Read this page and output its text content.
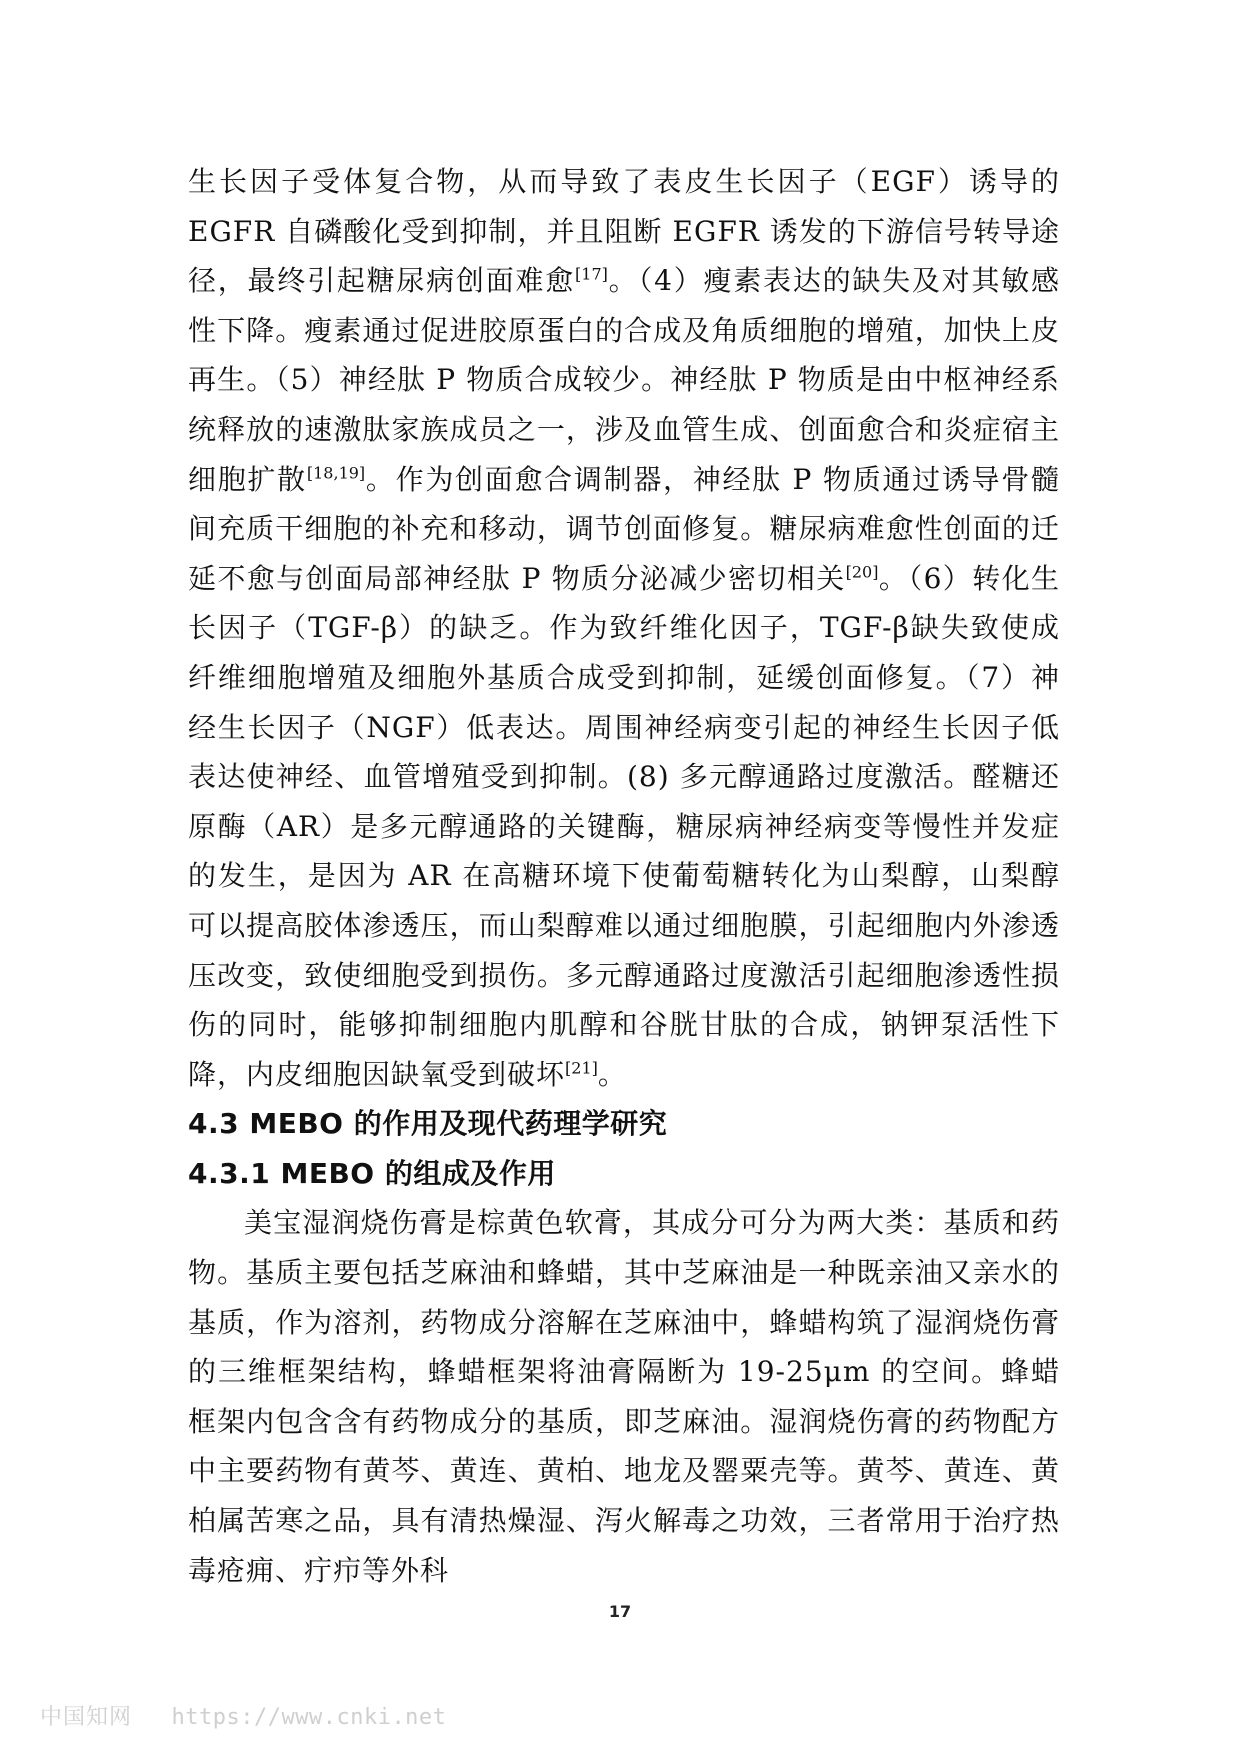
生长因子受体复合物，从而导致了表皮生长因子（EGF）诱导的 EGFR 自磷酸化受到抑制，并且阻断 EGFR 诱发的下游信号转导途径，最终引起糖尿病创面难愈[17]。（4）瘦素表达的缺失及对其敏感性下降。瘦素通过促进胶原蛋白的合成及角质细胞的增殖，加快上皮再生。（5）神经肽 P 物质合成较少。神经肽 P 物质是由中枢神经系统释放的速激肽家族成员之一，涉及血管生成、创面愈合和炎症宿主细胞扩散[18,19]。作为创面愈合调制器，神经肽 P 物质通过诱导骨髓间充质干细胞的补充和移动，调节创面修复。糖尿病难愈性创面的迁延不愈与创面局部神经肽 P 物质分泌减少密切相关[20]。（6）转化生长因子（TGF-β）的缺乏。作为致纤维化因子，TGF-β缺失致使成纤维细胞增殖及细胞外基质合成受到抑制，延缓创面修复。（7）神经生长因子（NGF）低表达。周围神经病变引起的神经生长因子低表达使神经、血管增殖受到抑制。(8) 多元醇通路过度激活。醛糖还原酶（AR）是多元醇通路的关键酶，糖尿病神经病变等慢性并发症的发生，是因为 AR 在高糖环境下使葡萄糖转化为山梨醇，山梨醇可以提高胶体渗透压，而山梨醇难以通过细胞膜，引起细胞内外渗透压改变，致使细胞受到损伤。多元醇通路过度激活引起细胞渗透性损伤的同时，能够抑制细胞内肌醇和谷胱甘肽的合成，钠钾泵活性下降，内皮细胞因缺氧受到破坏[21]。

4.3 MEBO 的作用及现代药理学研究
4.3.1 MEBO 的组成及作用

美宝湿润烧伤膏是棕黄色软膏，其成分可分为两大类：基质和药物。基质主要包括芝麻油和蜂蜡，其中芝麻油是一种既亲油又亲水的基质，作为溶剂，药物成分溶解在芝麻油中，蜂蜡构筑了湿润烧伤膏的三维框架结构，蜂蜡框架将油膏隔断为 19-25μm 的空间。蜂蜡框架内包含含有药物成分的基质，即芝麻油。湿润烧伤膏的药物配方中主要药物有黄芩、黄连、黄柏、地龙及罂粟壳等。黄芩、黄连、黄柏属苦寒之品，具有清热燥湿、泻火解毒之功效，三者常用于治疗热毒疮痈、疔疖等外科

17
中国知网 https://www.cnki.net
